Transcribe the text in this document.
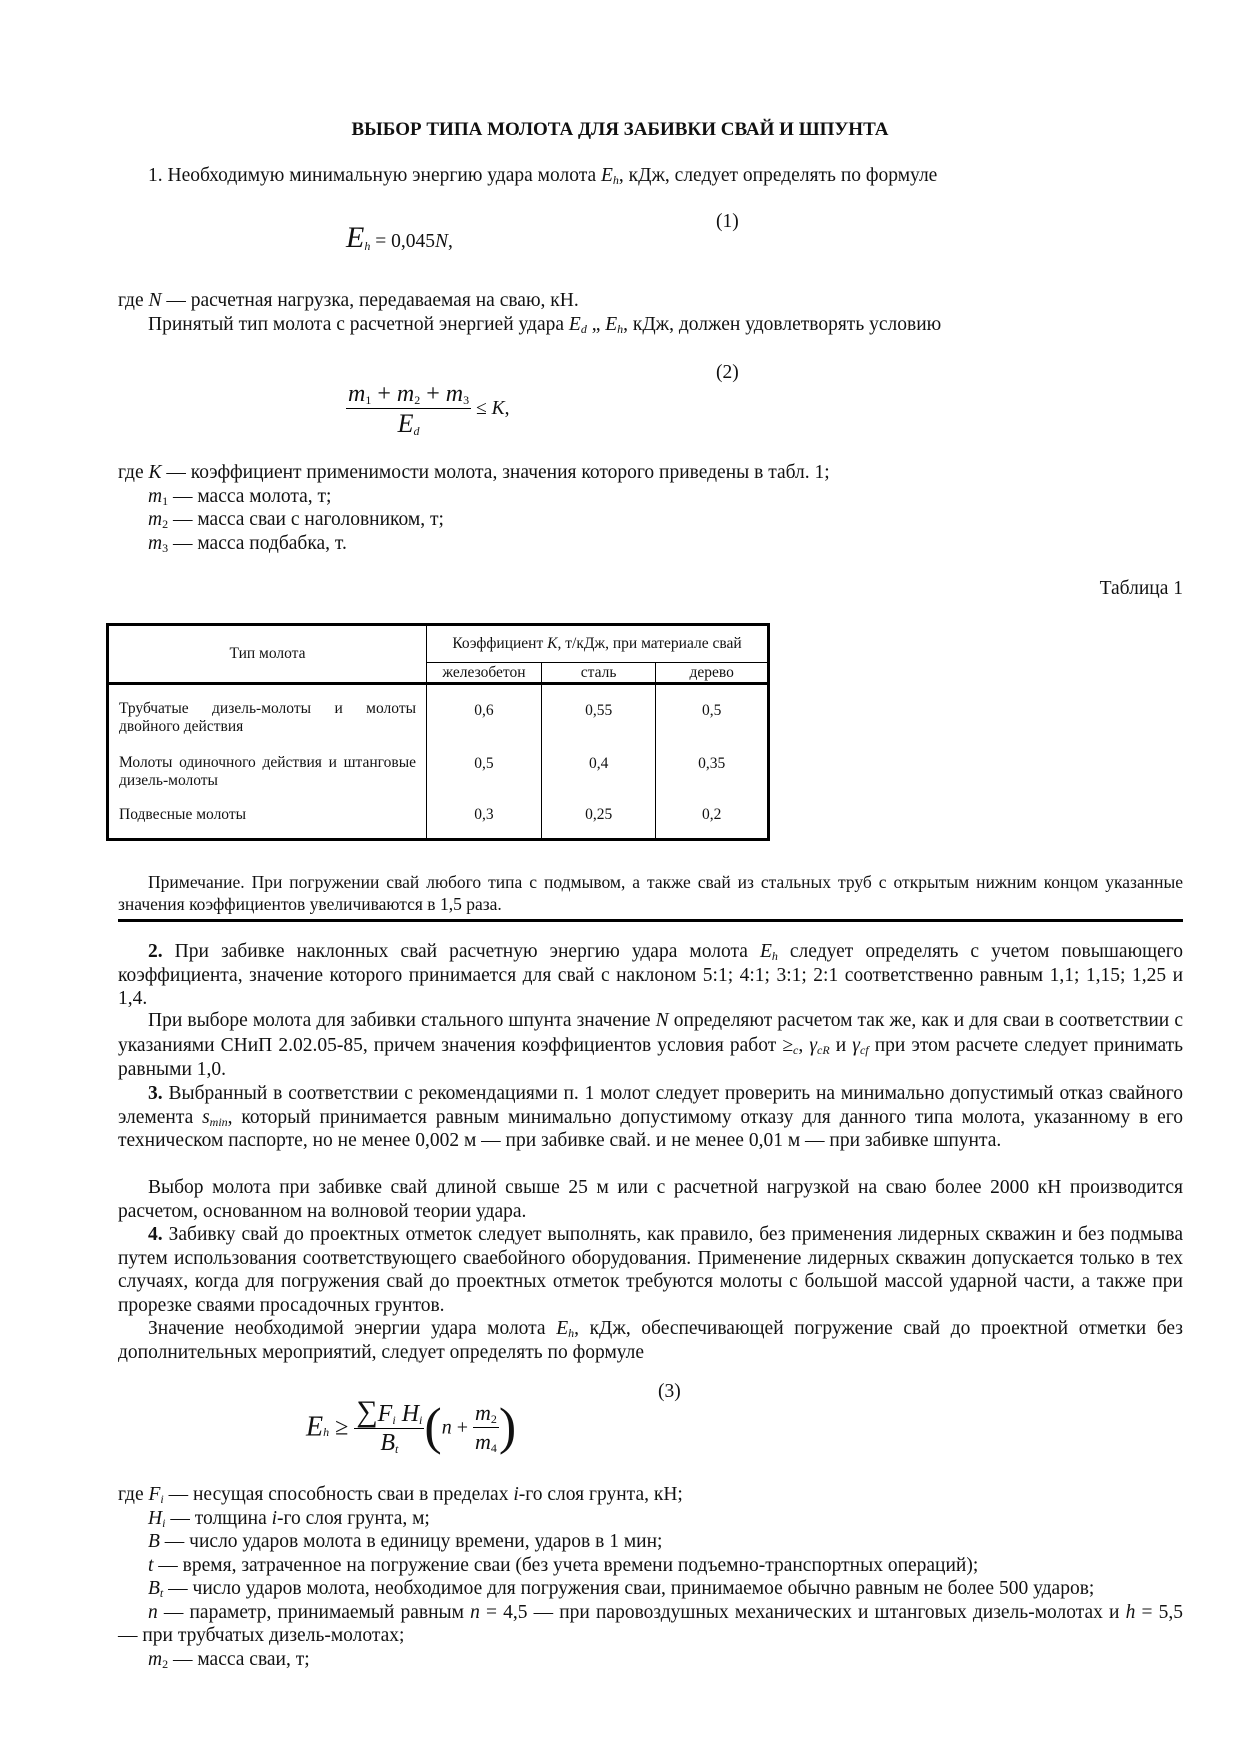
ВЫБОР ТИПА МОЛОТА ДЛЯ ЗАБИВКИ СВАЙ И ШПУНТА
1. Необходимую минимальную энергию удара молота $E_h$, кДж, следует определять по формуле
$E_h = 0,045N$,
(1)
где N — расчетная нагрузка, передаваемая на сваю, кН.
Принятый тип молота с расчетной энергией удара $E_d$ „ $E_h$, кДж, должен удовлетворять условию
$\frac{m_1 + m_2 + m_3}{E_d} \le K$,
(2)
где K — коэффициент применимости молота, значения которого приведены в табл. 1;
$m_1$ — масса молота, т;
$m_2$ — масса сваи с наголовником, т;
$m_3$ — масса подбабка, т.
Таблица 1
Тип молота	Коэффициент K, т/кДж, при материале свай		
	железобетон	сталь	дерево
Трубчатые дизель-молоты и молоты двойного действия	0,6	0,55	0,5
Молоты одиночного действия и штанговые дизель-молоты	0,5	0,4	0,35
Подвесные молоты	0,3	0,25	0,2
Примечание. При погружении свай любого типа с подмывом, а также свай из стальных труб с открытым нижним концом указанные значения коэффициентов увеличиваются в 1,5 раза.
2. При забивке наклонных свай расчетную энергию удара молота $E_h$ следует определять с учетом повышающего коэффициента, значение которого принимается для свай с наклоном 5:1; 4:1; 3:1; 2:1 соответственно равным 1,1; 1,15; 1,25 и 1,4.
При выборе молота для забивки стального шпунта значение N определяют расчетом так же, как и для сваи в соответствии с указаниями СНиП 2.02.05-85, причем значения коэффициентов условия работ $\ge_c$, $\gamma_{cR}$ и $\gamma_{cf}$ при этом расчете следует принимать равными 1,0.
3. Выбранный в соответствии с рекомендациями п. 1 молот следует проверить на минимально допустимый отказ свайного элемента $s_{min}$, который принимается равным минимально допустимому отказу для данного типа молота, указанному в его техническом паспорте, но не менее 0,002 м — при забивке свай. и не менее 0,01 м — при забивке шпунта.
Выбор молота при забивке свай длиной свыше 25 м или с расчетной нагрузкой на сваю более 2000 кН производится расчетом, основанном на волновой теории удара.
4. Забивку свай до проектных отметок следует выполнять, как правило, без применения лидерных скважин и без подмыва путем использования соответствующего сваебойного оборудования. Применение лидерных скважин допускается только в тех случаях, когда для погружения свай до проектных отметок требуются молоты с большой массой ударной части, а также при прорезке сваями просадочных грунтов.
Значение необходимой энергии удара молота $E_h$, кДж, обеспечивающей погружение свай до проектной отметки без дополнительных мероприятий, следует определять по формуле
$E_h \ge \frac{\sum F_i H_i}{B_t} (n + \frac{m_2}{m_4}$ )
(3)
где $F_i$ — несущая способность сваи в пределах i-го слоя грунта, кН;
$H_i$ — толщина i-го слоя грунта, м;
B — число ударов молота в единицу времени, ударов в 1 мин;
t — время, затраченное на погружение сваи (без учета времени подъемно-транспортных операций);
$B_t$ — число ударов молота, необходимое для погружения сваи, принимаемое обычно равным не более 500 ударов;
n — параметр, принимаемый равным n = 4,5 — при паровоздушных механических и штанговых дизель-молотах и h = 5,5 — при трубчатых дизель-молотах;
$m_2$ — масса сваи, т;
